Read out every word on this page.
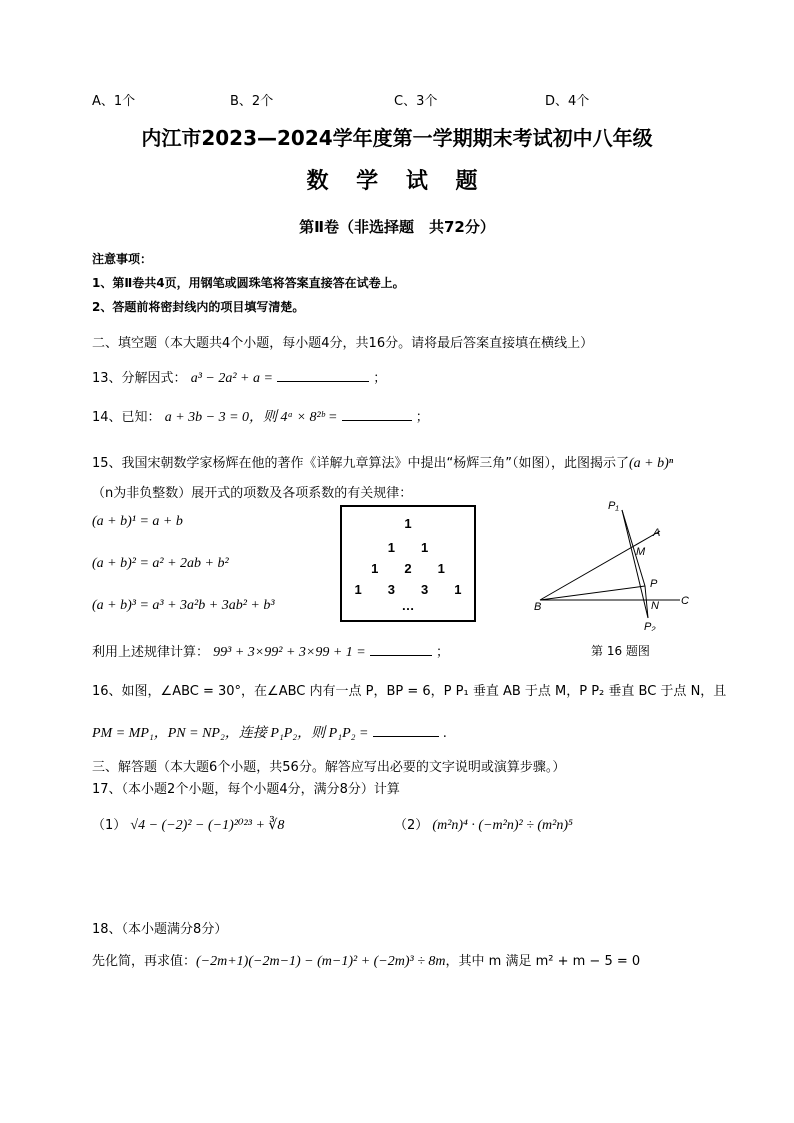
A、1个	B、2个	C、3个	D、4个
内江市2023—2024学年度第一学期期末考试初中八年级
数 学 试 题
第Ⅱ卷（非选择题　共72分）
注意事项：
1、第Ⅱ卷共4页，用钢笔或圆珠笔将答案直接答在试卷上。
2、答题前将密封线内的项目填写清楚。
二、填空题（本大题共4个小题，每小题4分，共16分。请将最后答案直接填在横线上）
13、分解因式： a³ − 2a² + a =	；
14、已知： a + 3b − 3 = 0，则 4ᵃ × 8²ᵇ =	；
15、我国宋朝数学家杨辉在他的著作《详解九章算法》中提出“杨辉三角”（如图），此图揭示了(a + b)ⁿ
（n为非负整数）展开式的项数及各项系数的有关规律：
(a + b)¹ = a + b
(a + b)² = a² + 2ab + b²
(a + b)³ = a³ + 3a²b + 3ab² + b³
1
1　　1
1　　2　　1
1　　3　　3　　1
…
P₁
A
M
P
B	N C
P₂
利用上述规律计算： 99³ + 3×99² + 3×99 + 1 =	；	第 16 题图
16、如图，∠ABC = 30°，在∠ABC 内有一点 P，BP = 6，P P₁ 垂直 AB 于点 M，P P₂ 垂直 BC 于点 N，且
PM = MP₁，PN = NP₂，连接 P₁P₂，则 P₁P₂ =	.
三、解答题（本大题6个小题，共56分。解答应写出必要的文字说明或演算步骤。）
17、（本小题2个小题，每个小题4分，满分8分）计算
（1） √4 − (−2)² − (−1)²⁰²³ + ∛8	（2） (m²n)⁴ · (−m²n)² ÷ (m²n)⁵
18、（本小题满分8分）
先化简，再求值：(−2m+1)(−2m−1) − (m−1)² + (−2m)³ ÷ 8m，其中 m 满足 m² + m − 5 = 0
